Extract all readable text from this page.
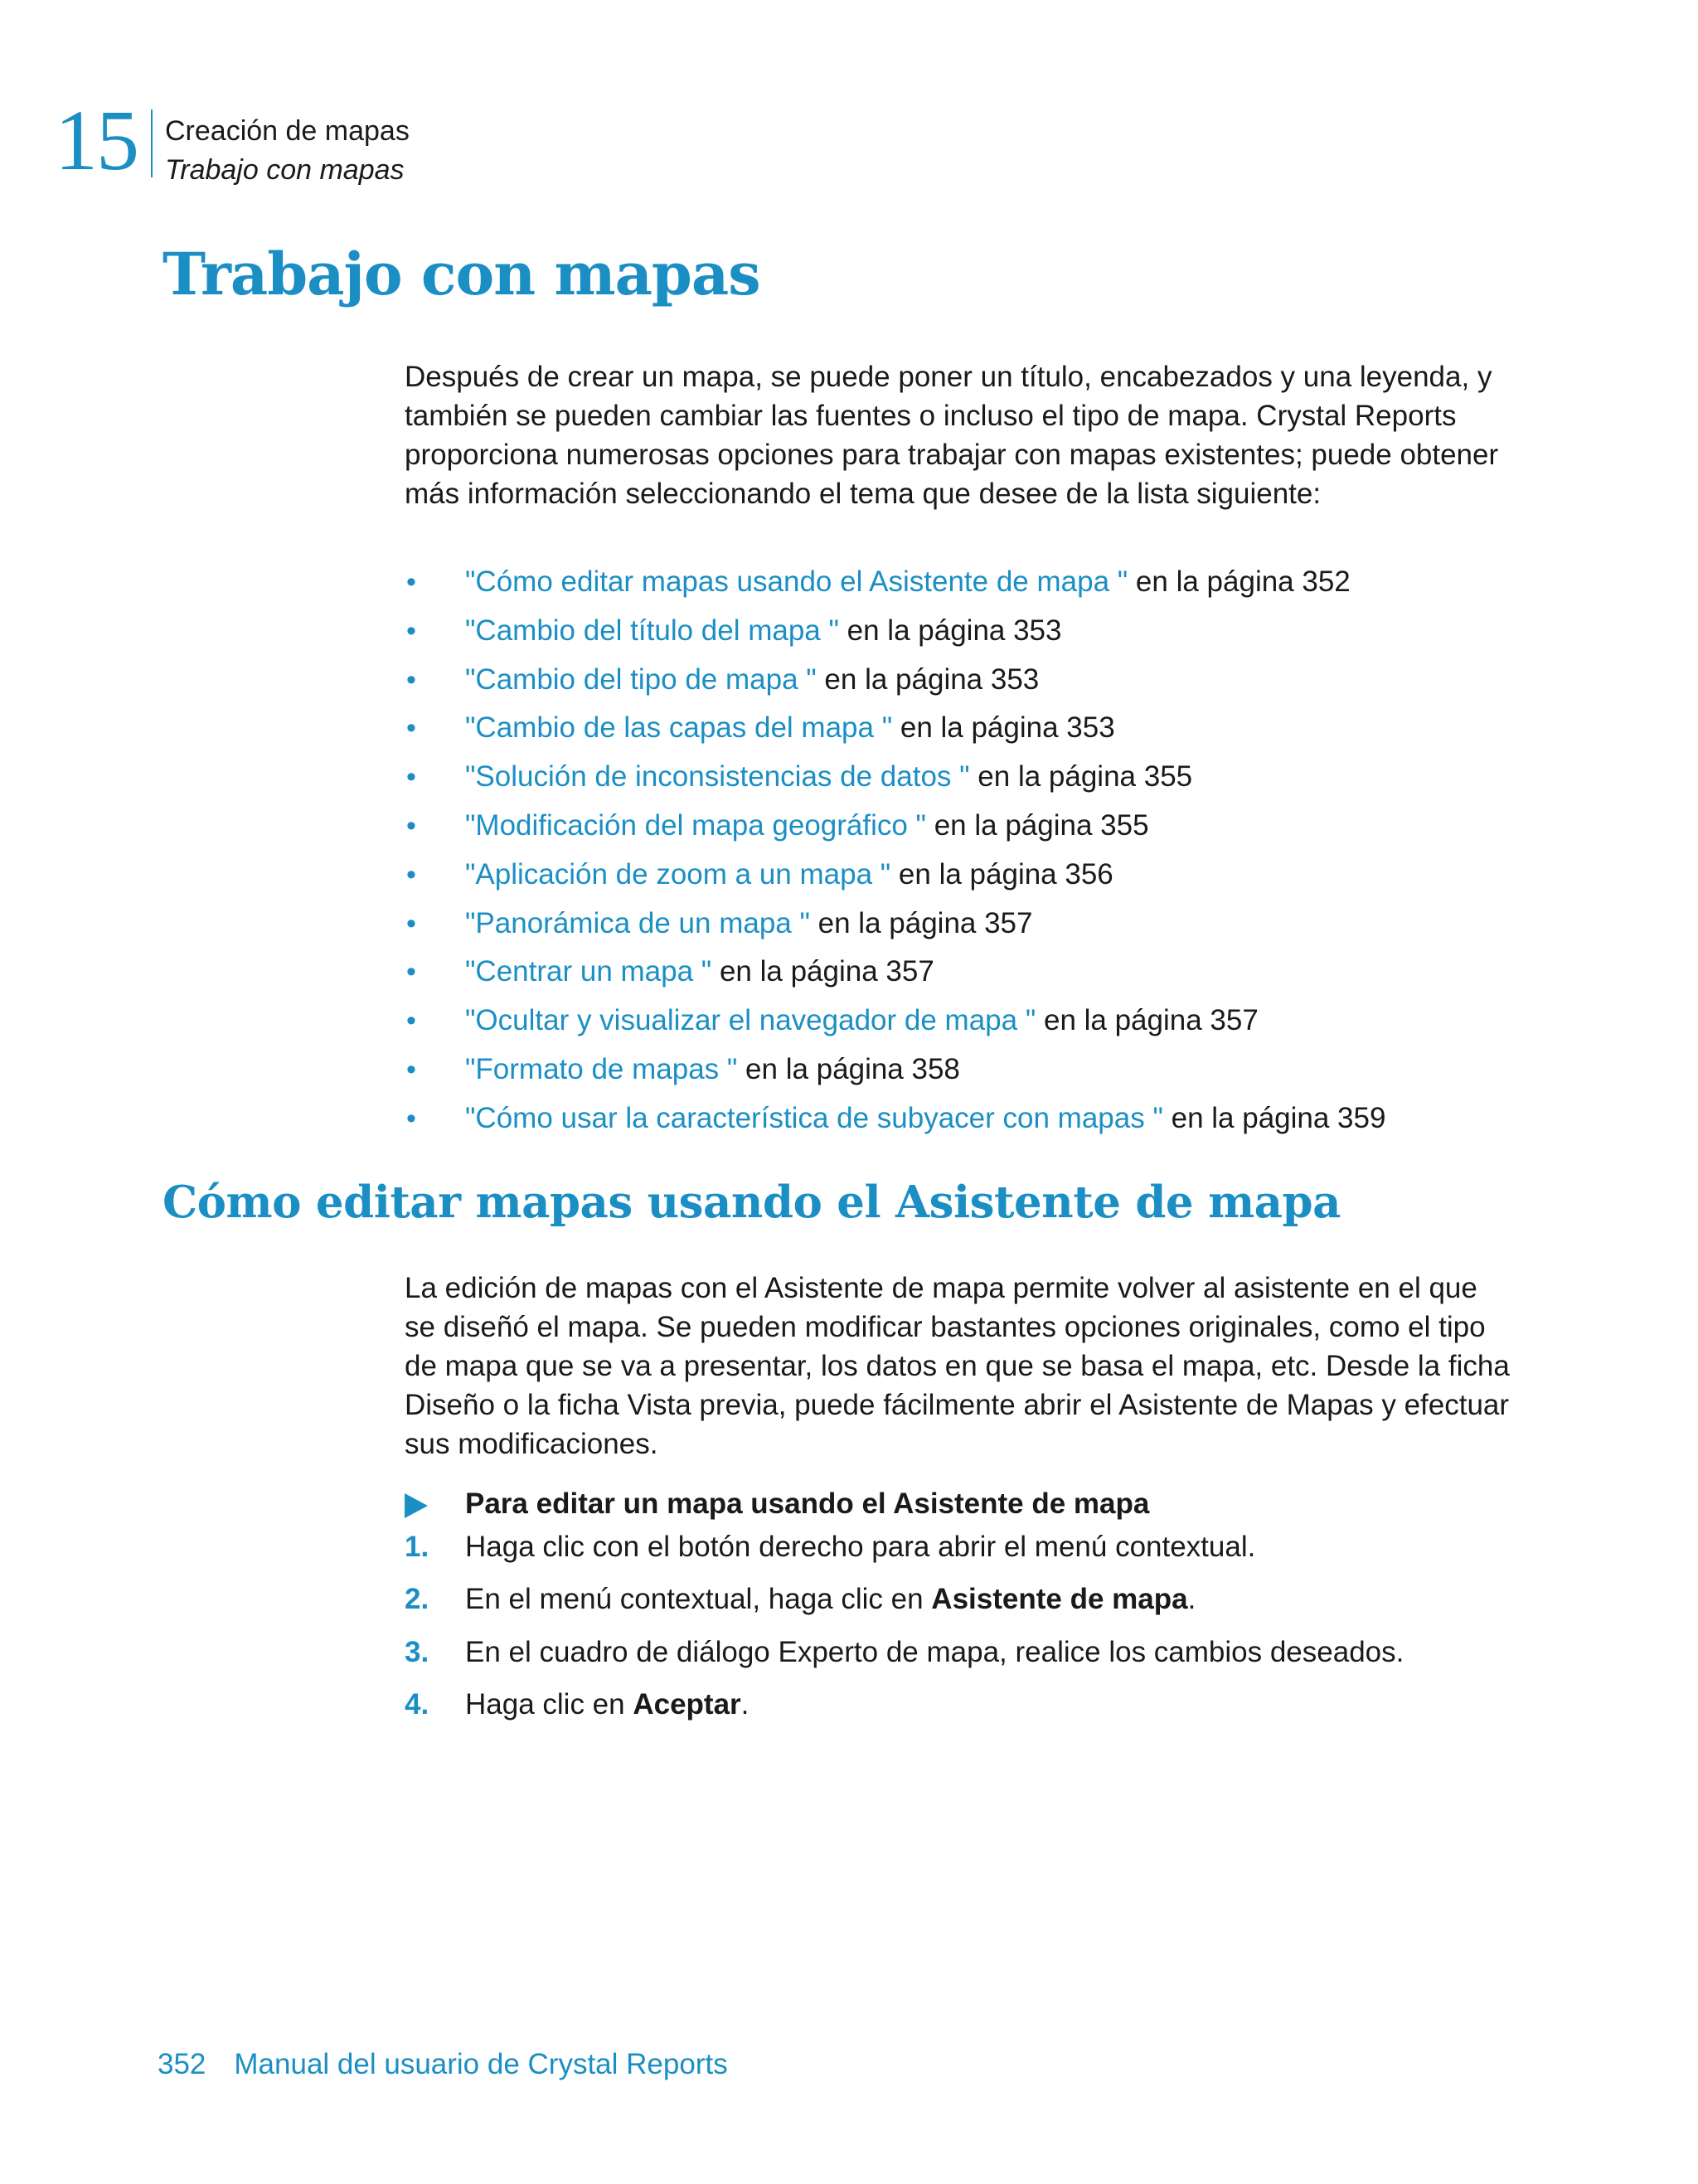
15 Creación de mapas
Trabajo con mapas
Trabajo con mapas

Después de crear un mapa, se puede poner un título, encabezados y una leyenda, y también se pueden cambiar las fuentes o incluso el tipo de mapa. Crystal Reports proporciona numerosas opciones para trabajar con mapas existentes; puede obtener más información seleccionando el tema que desee de la lista siguiente:

• "Cómo editar mapas usando el Asistente de mapa " en la página 352
• "Cambio del título del mapa " en la página 353
• "Cambio del tipo de mapa " en la página 353
• "Cambio de las capas del mapa " en la página 353
• "Solución de inconsistencias de datos " en la página 355
• "Modificación del mapa geográfico " en la página 355
• "Aplicación de zoom a un mapa " en la página 356
• "Panorámica de un mapa " en la página 357
• "Centrar un mapa " en la página 357
• "Ocultar y visualizar el navegador de mapa " en la página 357
• "Formato de mapas " en la página 358
• "Cómo usar la característica de subyacer con mapas " en la página 359
Cómo editar mapas usando el Asistente de mapa

La edición de mapas con el Asistente de mapa permite volver al asistente en el que se diseñó el mapa. Se pueden modificar bastantes opciones originales, como el tipo de mapa que se va a presentar, los datos en que se basa el mapa, etc. Desde la ficha Diseño o la ficha Vista previa, puede fácilmente abrir el Asistente de Mapas y efectuar sus modificaciones.

Para editar un mapa usando el Asistente de mapa
1. Haga clic con el botón derecho para abrir el menú contextual.
2. En el menú contextual, haga clic en Asistente de mapa.
3. En el cuadro de diálogo Experto de mapa, realice los cambios deseados.
4. Haga clic en Aceptar.
352 Manual del usuario de Crystal Reports
